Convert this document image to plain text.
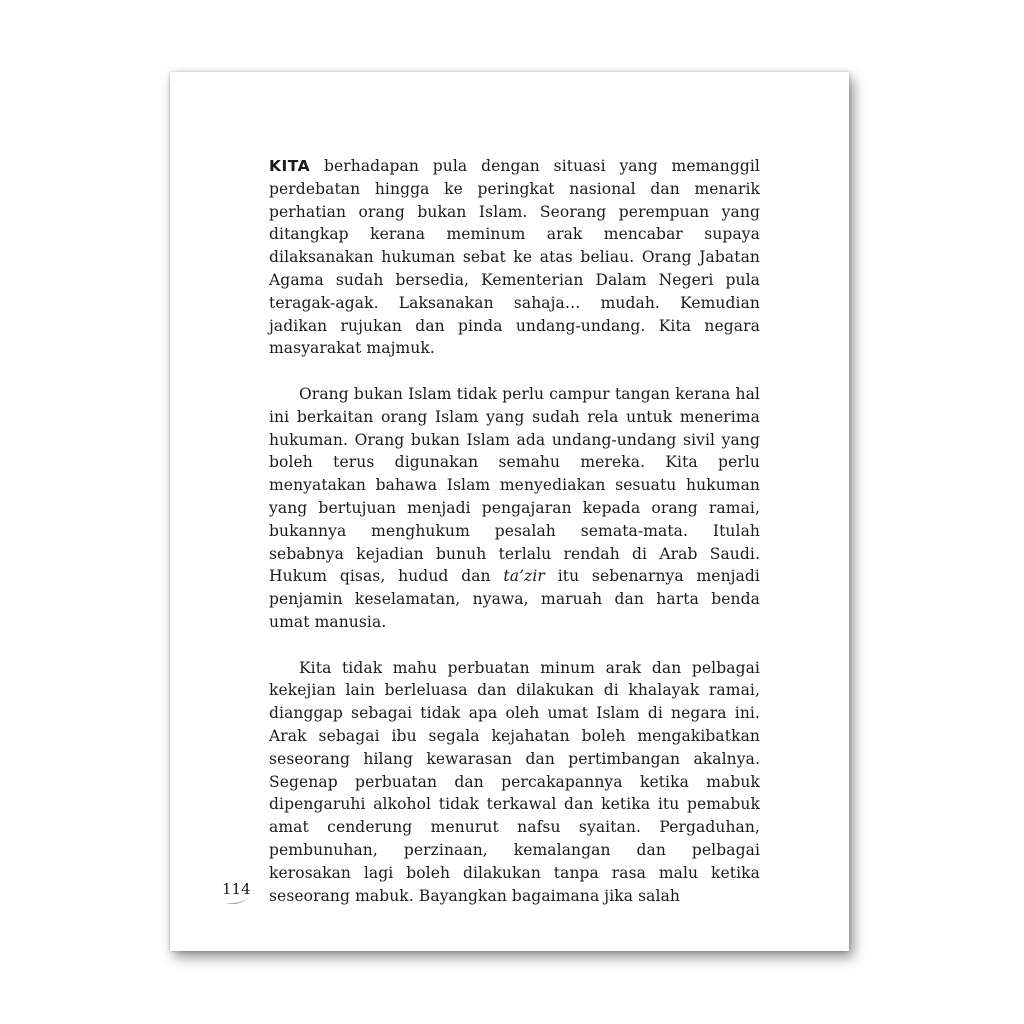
KITA berhadapan pula dengan situasi yang memanggil perdebatan hingga ke peringkat nasional dan menarik perhatian orang bukan Islam. Seorang perempuan yang ditangkap kerana meminum arak mencabar supaya dilaksanakan hukuman sebat ke atas beliau. Orang Jabatan Agama sudah bersedia, Kementerian Dalam Negeri pula teragak-agak. Laksanakan sahaja… mudah. Kemudian jadikan rujukan dan pinda undang-undang. Kita negara masyarakat majmuk.

Orang bukan Islam tidak perlu campur tangan kerana hal ini berkaitan orang Islam yang sudah rela untuk menerima hukuman. Orang bukan Islam ada undang-undang sivil yang boleh terus digunakan semahu mereka. Kita perlu menyatakan bahawa Islam menyediakan sesuatu hukuman yang bertujuan menjadi pengajaran kepada orang ramai, bukannya menghukum pesalah semata-mata. Itulah sebabnya kejadian bunuh terlalu rendah di Arab Saudi. Hukum qisas, hudud dan ta’zir itu sebenarnya menjadi penjamin keselamatan, nyawa, maruah dan harta benda umat manusia.

Kita tidak mahu perbuatan minum arak dan pelbagai kekejian lain berleluasa dan dilakukan di khalayak ramai, dianggap sebagai tidak apa oleh umat Islam di negara ini. Arak sebagai ibu segala kejahatan boleh mengakibatkan seseorang hilang kewarasan dan pertimbangan akalnya. Segenap perbuatan dan percakapannya ketika mabuk dipengaruhi alkohol tidak terkawal dan ketika itu pemabuk amat cenderung menurut nafsu syaitan. Pergaduhan, pembunuhan, perzinaan, kemalangan dan pelbagai kerosakan lagi boleh dilakukan tanpa rasa malu ketika seseorang mabuk. Bayangkan bagaimana jika salah

114
